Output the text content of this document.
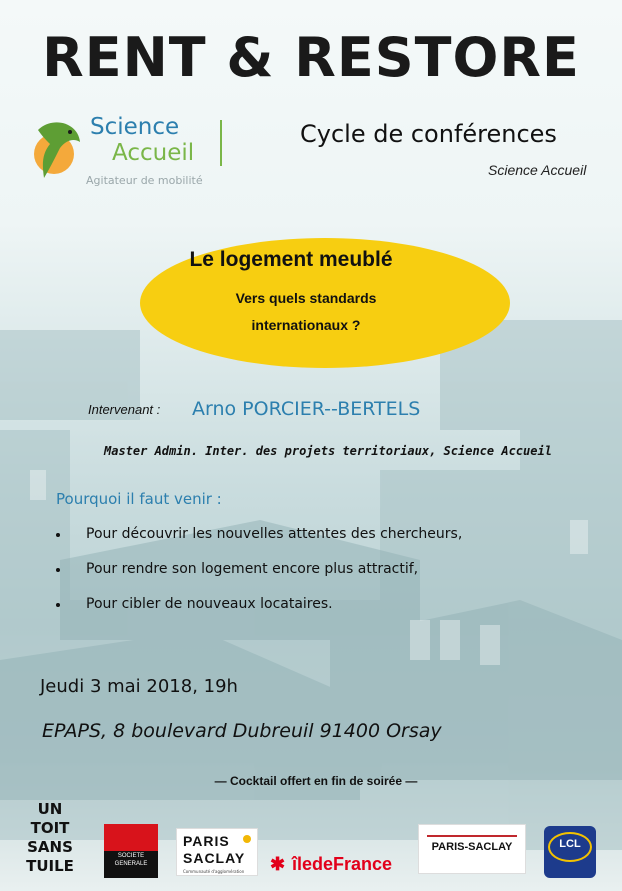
RENT & RESTORE
Science
Accueil
Agitateur de mobilité
Cycle de conférences
Science Accueil
Le logement meublé
Vers quels standards
internationaux ?
Intervenant : Arno PORCIER--BERTELS
Master Admin. Inter. des projets territoriaux, Science Accueil
Pourquoi il faut venir :
Pour découvrir les nouvelles attentes des chercheurs,
Pour rendre son logement encore plus attractif,
Pour cibler de nouveaux locataires.
Jeudi 3 mai 2018, 19h
EPAPS, 8 boulevard Dubreuil 91400 Orsay
— Cocktail offert en fin de soirée —
UN
TOIT
SANS
TUILE
SOCIETE
GENERALE
PARIS
SACLAY
Communauté d'agglomération ✱ îledeFrance
PARIS-SACLAY	LCL
